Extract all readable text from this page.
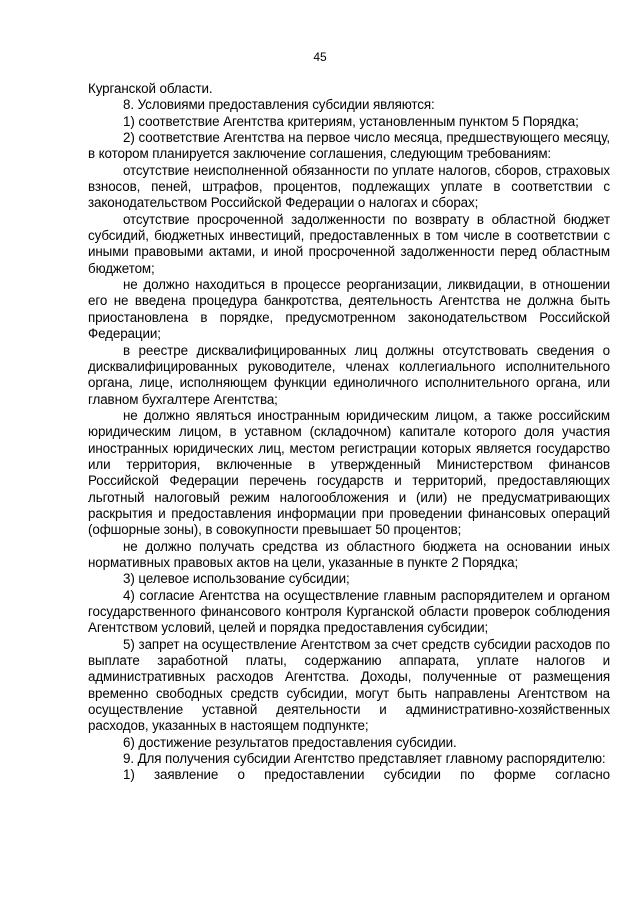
45

Курганской области.

8. Условиями предоставления субсидии являются:

1) соответствие Агентства критериям, установленным пунктом 5 Порядка;

2) соответствие Агентства на первое число месяца, предшествующего месяцу, в котором планируется заключение соглашения, следующим требованиям:

отсутствие неисполненной обязанности по уплате налогов, сборов, страховых взносов, пеней, штрафов, процентов, подлежащих уплате в соответствии с законодательством Российской Федерации о налогах и сборах;

отсутствие просроченной задолженности по возврату в областной бюджет субсидий, бюджетных инвестиций, предоставленных в том числе в соответствии с иными правовыми актами, и иной просроченной задолженности перед областным бюджетом;

не должно находиться в процессе реорганизации, ликвидации, в отношении его не введена процедура банкротства, деятельность Агентства не должна быть приостановлена в порядке, предусмотренном законодательством Российской Федерации;

в реестре дисквалифицированных лиц должны отсутствовать сведения о дисквалифицированных руководителе, членах коллегиального исполнительного органа, лице, исполняющем функции единоличного исполнительного органа, или главном бухгалтере Агентства;

не должно являться иностранным юридическим лицом, а также российским юридическим лицом, в уставном (складочном) капитале которого доля участия иностранных юридических лиц, местом регистрации которых является государство или территория, включенные в утвержденный Министерством финансов Российской Федерации перечень государств и территорий, предоставляющих льготный налоговый режим налогообложения и (или) не предусматривающих раскрытия и предоставления информации при проведении финансовых операций (офшорные зоны), в совокупности превышает 50 процентов;

не должно получать средства из областного бюджета на основании иных нормативных правовых актов на цели, указанные в пункте 2 Порядка;

3) целевое использование субсидии;

4) согласие Агентства на осуществление главным распорядителем и органом государственного финансового контроля Курганской области проверок соблюдения Агентством условий, целей и порядка предоставления субсидии;

5) запрет на осуществление Агентством за счет средств субсидии расходов по выплате заработной платы, содержанию аппарата, уплате налогов и административных расходов Агентства. Доходы, полученные от размещения временно свободных средств субсидии, могут быть направлены Агентством на осуществление уставной деятельности и административно-хозяйственных расходов, указанных в настоящем подпункте;

6) достижение результатов предоставления субсидии.

9. Для получения субсидии Агентство представляет главному распорядителю:

1) заявление о предоставлении субсидии по форме согласно
